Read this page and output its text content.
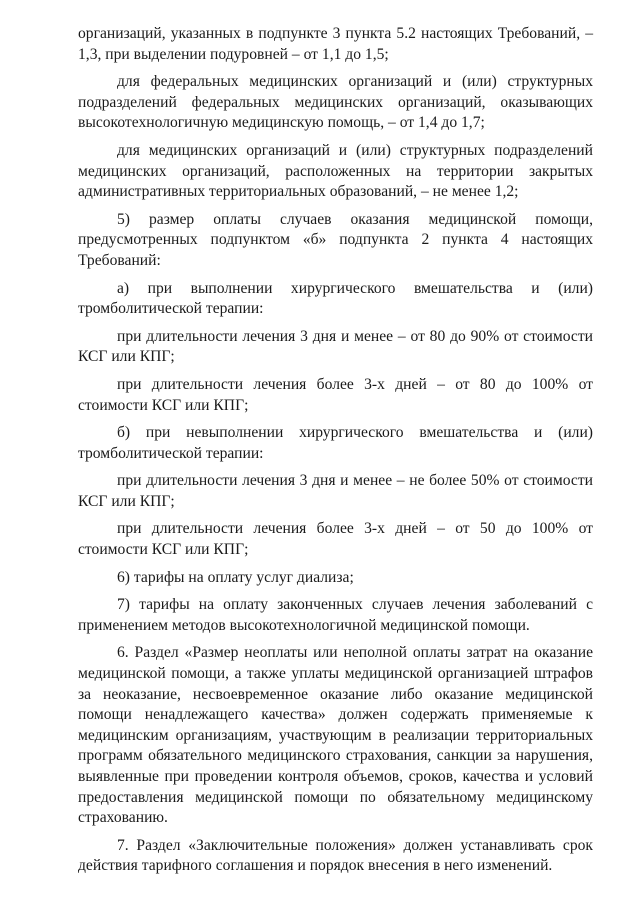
организаций, указанных в подпункте 3 пункта 5.2 настоящих Требований, – 1,3, при выделении подуровней – от 1,1 до 1,5;

для федеральных медицинских организаций и (или) структурных подразделений федеральных медицинских организаций, оказывающих высокотехнологичную медицинскую помощь, – от 1,4 до 1,7;

для медицинских организаций и (или) структурных подразделений медицинских организаций, расположенных на территории закрытых административных территориальных образований, – не менее 1,2;

5) размер оплаты случаев оказания медицинской помощи, предусмотренных подпунктом «б» подпункта 2 пункта 4 настоящих Требований:

а) при выполнении хирургического вмешательства и (или) тромболитической терапии:

при длительности лечения 3 дня и менее – от 80 до 90% от стоимости КСГ или КПГ;

при длительности лечения более 3-х дней – от 80 до 100% от стоимости КСГ или КПГ;

б) при невыполнении хирургического вмешательства и (или) тромболитической терапии:

при длительности лечения 3 дня и менее – не более 50% от стоимости КСГ или КПГ;

при длительности лечения более 3-х дней – от 50 до 100% от стоимости КСГ или КПГ;

6) тарифы на оплату услуг диализа;

7) тарифы на оплату законченных случаев лечения заболеваний с применением методов высокотехнологичной медицинской помощи.

6. Раздел «Размер неоплаты или неполной оплаты затрат на оказание медицинской помощи, а также уплаты медицинской организацией штрафов за неоказание, несвоевременное оказание либо оказание медицинской помощи ненадлежащего качества» должен содержать применяемые к медицинским организациям, участвующим в реализации территориальных программ обязательного медицинского страхования, санкции за нарушения, выявленные при проведении контроля объемов, сроков, качества и условий предоставления медицинской помощи по обязательному медицинскому страхованию.

7. Раздел «Заключительные положения» должен устанавливать срок действия тарифного соглашения и порядок внесения в него изменений.
